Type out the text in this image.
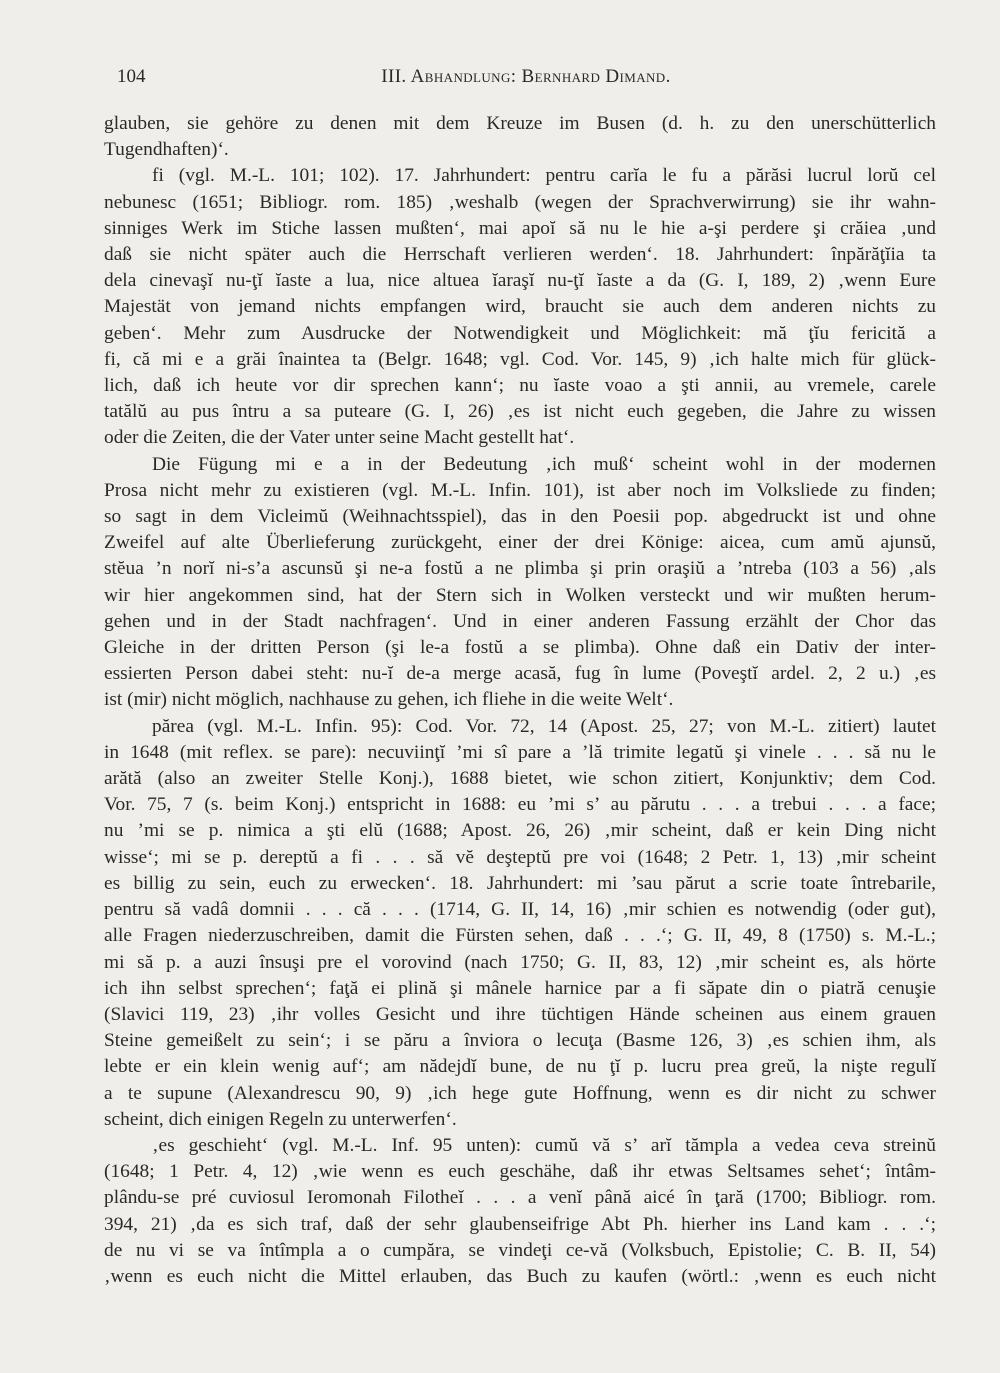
104	III. Abhandlung: Bernhard Dimand.
glauben, sie gehöre zu denen mit dem Kreuze im Busen (d. h. zu den unerschütterlich
Tugendhaften)‘.
fi (vgl. M.-L. 101; 102). 17. Jahrhundert: pentru carĭa le fu a părăsi lucrul lorŭ cel
nebunesc (1651; Bibliogr. rom. 185) ‚weshalb (wegen der Sprachverwirrung) sie ihr wahn-
sinniges Werk im Stiche lassen mußten‘, mai apoĭ să nu le hie a-şi perdere şi crăiea ‚und
daß sie nicht später auch die Herrschaft verlieren werden‘. 18. Jahrhundert: înpărăţĭia ta
dela cinevaşĭ nu-ţĭ ĭaste a lua, nice altuea ĭaraşĭ nu-ţĭ ĭaste a da (G. I, 189, 2) ‚wenn Eure
Majestät von jemand nichts empfangen wird, braucht sie auch dem anderen nichts zu
geben‘. Mehr zum Ausdrucke der Notwendigkeit und Möglichkeit: mă ţĭu fericită a
fi, că mi e a grăi înaintea ta (Belgr. 1648; vgl. Cod. Vor. 145, 9) ‚ich halte mich für glück-
lich, daß ich heute vor dir sprechen kann‘; nu ĭaste voao a şti annii, au vremele, carele
tatălŭ au pus întru a sa puteare (G. I, 26) ‚es ist nicht euch gegeben, die Jahre zu wissen
oder die Zeiten, die der Vater unter seine Macht gestellt hat‘.
Die Fügung mi e a in der Bedeutung ‚ich muß‘ scheint wohl in der modernen
Prosa nicht mehr zu existieren (vgl. M.-L. Infin. 101), ist aber noch im Volksliede zu finden;
so sagt in dem Vicleimŭ (Weihnachtsspiel), das in den Poesii pop. abgedruckt ist und ohne
Zweifel auf alte Überlieferung zurückgeht, einer der drei Könige: aicea, cum amŭ ajunsŭ,
stĕua ’n norĭ ni-s’a ascunsŭ şi ne-a fostŭ a ne plimba şi prin oraşiŭ a ’ntreba (103 a 56) ‚als
wir hier angekommen sind, hat der Stern sich in Wolken versteckt und wir mußten herum-
gehen und in der Stadt nachfragen‘. Und in einer anderen Fassung erzählt der Chor das
Gleiche in der dritten Person (şi le-a fostŭ a se plimba). Ohne daß ein Dativ der inter-
essierten Person dabei steht: nu-ĭ de-a merge acasă, fug în lume (Poveştĭ ardel. 2, 2 u.) ‚es
ist (mir) nicht möglich, nachhause zu gehen, ich fliehe in die weite Welt‘.
părea (vgl. M.-L. Infin. 95): Cod. Vor. 72, 14 (Apost. 25, 27; von M.-L. zitiert) lautet
in 1648 (mit reflex. se pare): necuviinţĭ ’mi sî pare a ’lă trimite legatŭ şi vinele . . . să nu le
arătă (also an zweiter Stelle Konj.), 1688 bietet, wie schon zitiert, Konjunktiv; dem Cod.
Vor. 75, 7 (s. beim Konj.) entspricht in 1688: eu ’mi s’ au părutu . . . a trebui . . . a face;
nu ’mi se p. nimica a şti elŭ (1688; Apost. 26, 26) ‚mir scheint, daß er kein Ding nicht
wisse‘; mi se p. dereptŭ a fi . . . să vĕ deşteptŭ pre voi (1648; 2 Petr. 1, 13) ‚mir scheint
es billig zu sein, euch zu erwecken‘. 18. Jahrhundert: mi ’sau părut a scrie toate întrebarile,
pentru să vadâ domnii . . . că . . . (1714, G. II, 14, 16) ‚mir schien es notwendig (oder gut),
alle Fragen niederzuschreiben, damit die Fürsten sehen, daß . . .‘; G. II, 49, 8 (1750) s. M.-L.;
mi să p. a auzi însuşi pre el vorovind (nach 1750; G. II, 83, 12) ‚mir scheint es, als hörte
ich ihn selbst sprechen‘; faţă ei plină şi mânele harnice par a fi săpate din o piatră cenuşie
(Slavici 119, 23) ‚ihr volles Gesicht und ihre tüchtigen Hände scheinen aus einem grauen
Steine gemeißelt zu sein‘; i se păru a înviora o lecuţa (Basme 126, 3) ‚es schien ihm, als
lebte er ein klein wenig auf‘; am nădejdĭ bune, de nu ţĭ p. lucru prea greŭ, la nişte regulĭ
a te supune (Alexandrescu 90, 9) ‚ich hege gute Hoffnung, wenn es dir nicht zu schwer
scheint, dich einigen Regeln zu unterwerfen‘.
‚es geschieht‘ (vgl. M.-L. Inf. 95 unten): cumŭ vă s’ arĭ tămpla a vedea ceva streinŭ
(1648; 1 Petr. 4, 12) ‚wie wenn es euch geschähe, daß ihr etwas Seltsames sehet‘; întâm-
plându-se pré cuviosul Ieromonah Filotheĭ . . . a venĭ până aicé în ţară (1700; Bibliogr. rom.
394, 21) ‚da es sich traf, daß der sehr glaubenseifrige Abt Ph. hierher ins Land kam . . .‘;
de nu vi se va întîmpla a o cumpăra, se vindeţi ce-vă (Volksbuch, Epistolie; C. B. II, 54)
‚wenn es euch nicht die Mittel erlauben, das Buch zu kaufen (wörtl.: ‚wenn es euch nicht
